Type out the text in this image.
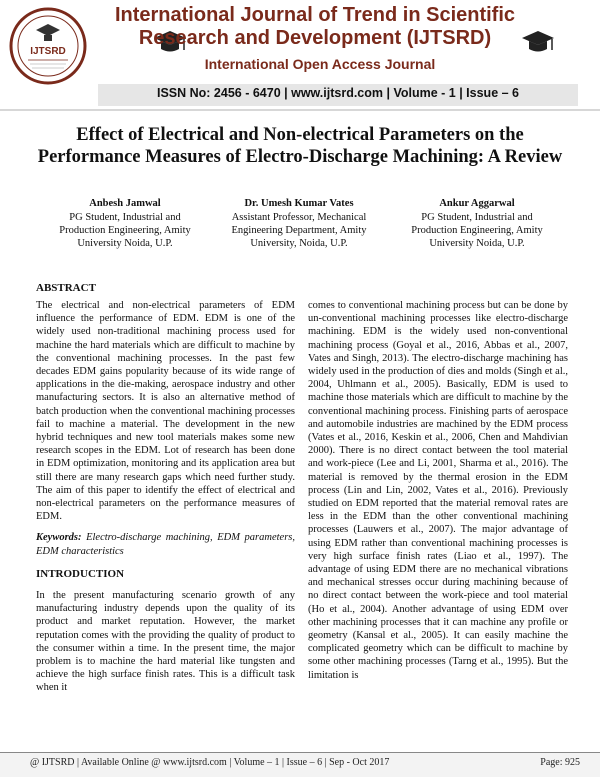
IJTSRD
International Journal of Trend in Scientific
Research and Development (IJTSRD)
International Open Access Journal
ISSN No: 2456 - 6470 | www.ijtsrd.com | Volume - 1 | Issue – 6
Effect of Electrical and Non-electrical Parameters on the
Performance Measures of Electro-Discharge Machining: A Review
Anbesh Jamwal
PG Student, Industrial and
Production Engineering, Amity
University Noida, U.P.
Dr. Umesh Kumar Vates
Assistant Professor, Mechanical
Engineering Department, Amity
University, Noida, U.P.
Ankur Aggarwal
PG Student, Industrial and
Production Engineering, Amity
University Noida, U.P.
ABSTRACT

The electrical and non-electrical parameters of EDM influence the performance of EDM. EDM is one of the widely used non-traditional machining process used for machine the hard materials which are difficult to machine by the conventional machining processes. In the past few decades EDM gains popularity because of its wide range of applications in the die-making, aerospace industry and other manufacturing sectors. It is also an alternative method of batch production when the conventional machining processes fail to machine a material. The development in the new hybrid techniques and new tool materials makes some new research scopes in the EDM. Lot of research has been done in EDM optimization, monitoring and its application area but still there are many research gaps which need further study. The aim of this paper to identify the effect of electrical and non-electrical parameters on the performance measures of EDM.

Keywords: Electro-discharge machining, EDM parameters, EDM characteristics

INTRODUCTION

In the present manufacturing scenario growth of any manufacturing industry depends upon the quality of its product and market reputation. However, the market reputation comes with the providing the quality of product to the consumer within a time. In the present time, the major problem is to machine the hard material like tungsten and achieve the high surface finish rates. This is a difficult task when it

comes to conventional machining process but can be done by un-conventional machining processes like electro-discharge machining. EDM is the widely used non-conventional machining process (Goyal et al., 2016, Abbas et al., 2007, Vates and Singh, 2013). The electro-discharge machining has widely used in the production of dies and molds (Singh et al., 2004, Uhlmann et al., 2005). Basically, EDM is used to machine those materials which are difficult to machine by the conventional machining process. Finishing parts of aerospace and automobile industries are machined by the EDM process (Vates et al., 2016, Keskin et al., 2006, Chen and Mahdivian 2000). There is no direct contact between the tool material and work-piece (Lee and Li, 2001, Sharma et al., 2016). The material is removed by the thermal erosion in the EDM process (Lin and Lin, 2002, Vates et al., 2016). Previously studied on EDM reported that the material removal rates are less in the EDM than the other conventional machining processes (Lauwers et al., 2007). The major advantage of using EDM rather than conventional machining processes is very high surface finish rates (Liao et al., 1997). The advantage of using EDM there are no mechanical vibrations and mechanical stresses occur during machining because of no direct contact between the work-piece and tool material (Ho et al., 2004). Another advantage of using EDM over other machining processes that it can machine any profile or geometry (Kansal et al., 2005). It can easily machine the complicated geometry which can be difficult to machine by some other machining processes (Tarng et al., 1995). But the limitation is

@ IJTSRD | Available Online @ www.ijtsrd.com | Volume – 1 | Issue – 6 | Sep - Oct 2017	Page: 925
